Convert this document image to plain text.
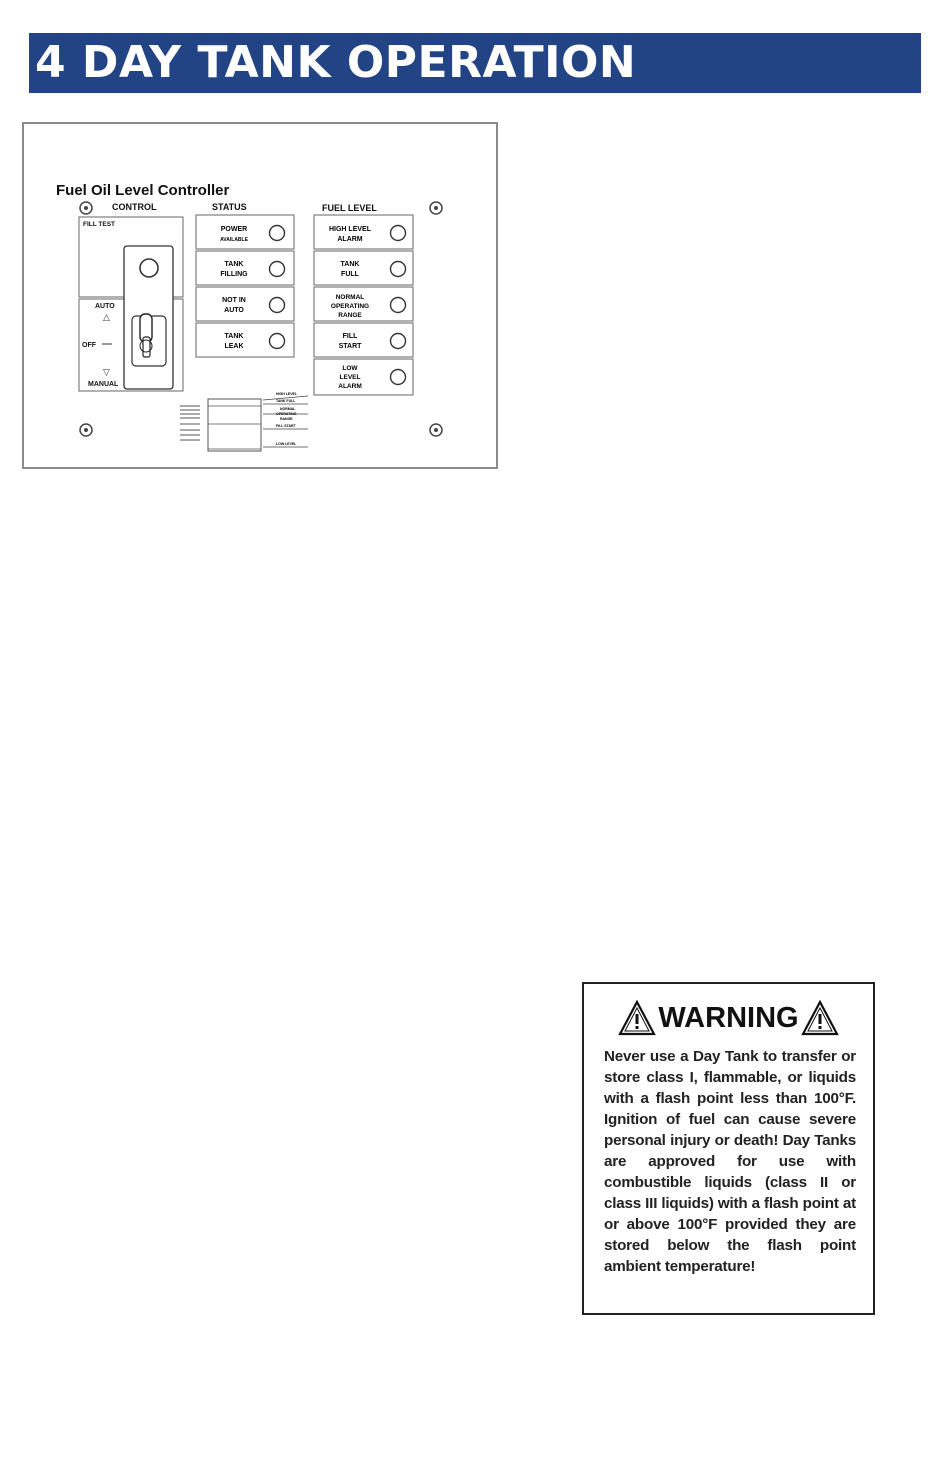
4 DAY TANK OPERATION
Fuel Oil Level Controller
CONTROL
FILL TEST
AUTO
△
OFF
▽
MANUAL
STATUS
POWER
AVAILABLE
TANK
FILLING
NOT IN
AUTO
TANK
LEAK
FUEL LEVEL
HIGH LEVEL
ALARM
TANK
FULL
NORMAL
OPERATING
RANGE
FILL
START
LOW
LEVEL
ALARM
HIGH LEVEL
TANK FULL
NORMAL
OPERATING
RANGE
FILL START
LOW LEVEL
WARNING
Never use a Day Tank to transfer or store class I, flammable, or liquids with a flash point less than 100°F. Ignition of fuel can cause severe personal injury or death! Day Tanks are approved for use with combustible liquids (class II or class III liquids) with a flash point at or above 100°F provided they are stored below the flash point ambient temperature!
